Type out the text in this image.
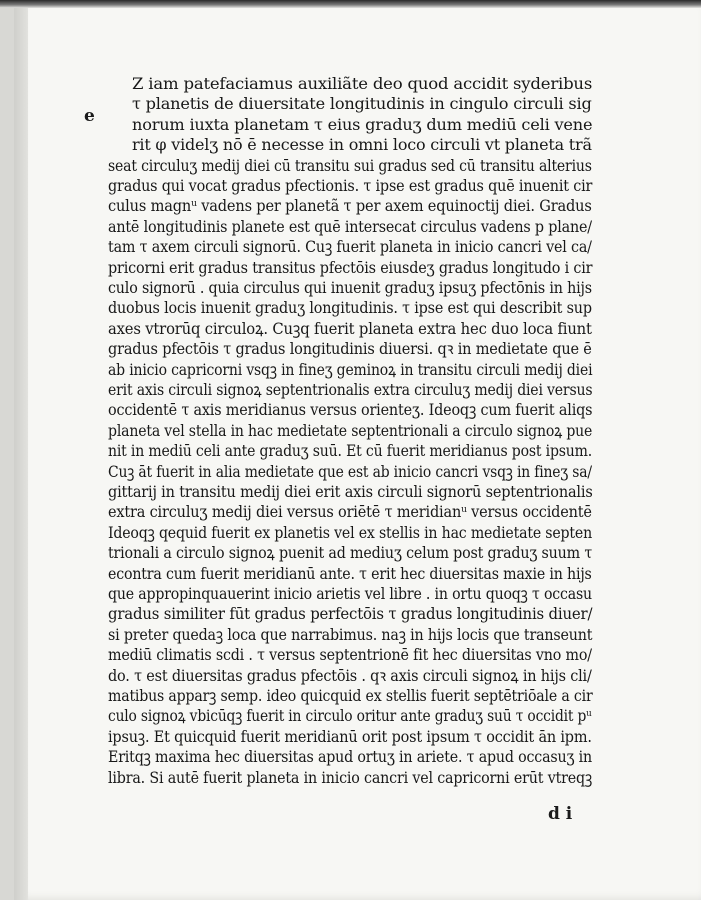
e
Z iam patefaciamus auxiliãte deo quod accidit syderibus
τ planetis de diuersitate longitudinis in cingulo circuli sig
norum iuxta planetam τ eius graduʒ dum mediū celi vene
rit φ videlʒ nō ē necesse in omni loco circuli vt planeta trã
seat circuluʒ medij diei cū transitu sui gradus sed cū transitu alterius
gradus qui vocat gradus pfectionis. τ ipse est gradus quē inuenit cir
culus magnᵘ vadens per planetã τ per axem equinoctij diei. Gradus
antē longitudinis planete est quē intersecat circulus vadens p plane/
tam τ axem circuli signorū. Cuꝫ fuerit planeta in inicio cancri vel ca/
pricorni erit gradus transitus pfectōis eiusdeʒ gradus longitudo i cir
culo signorū . quia circulus qui inuenit graduʒ ipsuʒ pfectōnis in hijs
duobus locis inuenit graduʒ longitudinis. τ ipse est qui describit sup
axes vtrorūq circuloꝝ. Cuꝫq fuerit planeta extra hec duo loca fiunt
gradus pfectōis τ gradus longitudinis diuersi. qꝛ in medietate que ē
ab inicio capricorni vsqꝫ in fineʒ geminoꝝ in transitu circuli medij diei
erit axis circuli signoꝝ septentrionalis extra circuluʒ medij diei versus
occidentē τ axis meridianus versus orienteʒ. Ideoqꝫ cum fuerit aliqs
planeta vel stella in hac medietate septentrionali a circulo signoꝝ pue
nit in mediū celi ante graduʒ suū. Et cū fuerit meridianus post ipsum.
Cuꝫ āt fuerit in alia medietate que est ab inicio cancri vsqꝫ in fineʒ sa/
gittarij in transitu medij diei erit axis circuli signorū septentrionalis
extra circuluʒ medij diei versus oriētē τ meridianᵘ versus occidentē
Ideoqꝫ qequid fuerit ex planetis vel ex stellis in hac medietate septen
trionali a circulo signoꝝ puenit ad mediuʒ celum post graduʒ suum τ
econtra cum fuerit meridianū ante. τ erit hec diuersitas maxie in hijs
que appropinquauerint inicio arietis vel libre . in ortu quoqꝫ τ occasu
gradus similiter fūt gradus perfectōis τ gradus longitudinis diuer/
si preter quedaꝫ loca que narrabimus. naꝫ in hijs locis que transeunt
mediū climatis scdi . τ versus septentrionē fit hec diuersitas vno mo/
do. τ est diuersitas gradus pfectōis . qꝛ axis circuli signoꝝ in hijs cli/
matibus apparꝫ semp. ideo quicquid ex stellis fuerit septētriōale a cir
culo signoꝝ vbicūqꝫ fuerit in circulo oritur ante graduʒ suū τ occidit pᵘ
ipsuꝫ. Et quicquid fuerit meridianū orit post ipsum τ occidit ān ipm.
Eritqꝫ maxima hec diuersitas apud ortuʒ in ariete. τ apud occasuʒ in
libra. Si autē fuerit planeta in inicio cancri vel capricorni erūt vtreqꝫ
d i
